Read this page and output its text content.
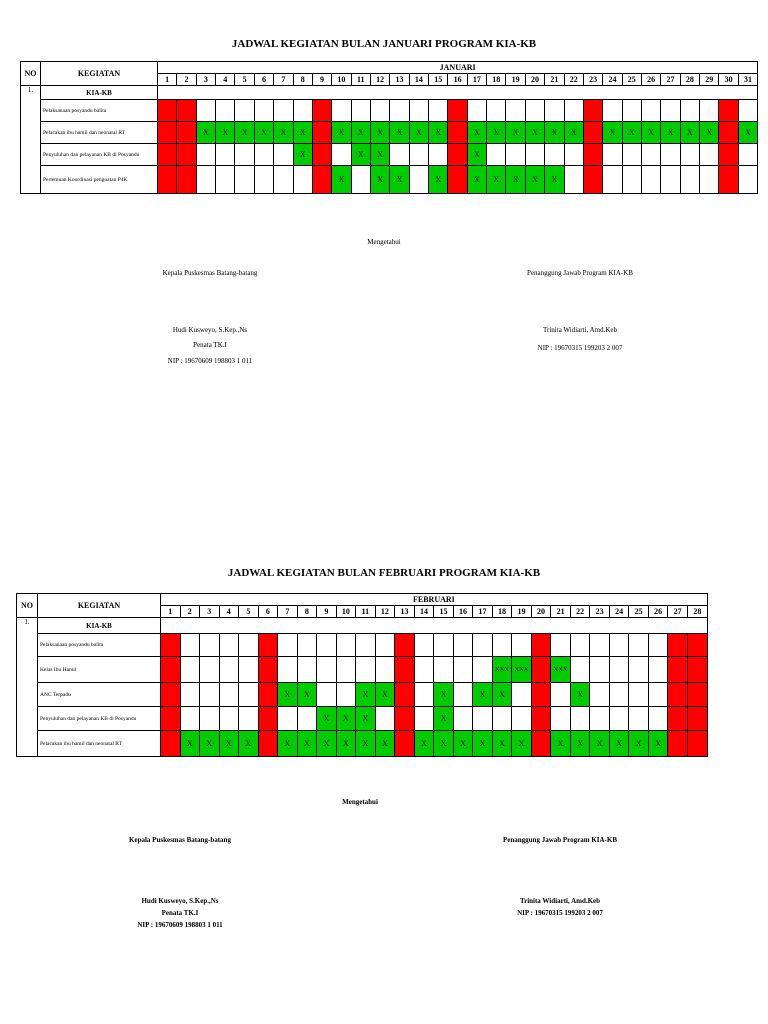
JADWAL KEGIATAN BULAN JANUARI PROGRAM KIA-KB
NO	KEGIATAN	JANUARI																														
		1	2	3	4	5	6	7	8	9	10	11	12	13	14	15	16	17	18	19	20	21	22	23	24	25	26	27	28	29	30	31
1.	KIA-KB																															
	Pelaksanaan posyandu balita																															
	Pelacakan ibu hamil dan neonatal RT			X	X	X	X	X	X		X	X	X	X	X	X		X	X	X	X	X	X		X	X	X	X	X	X		X
	Penyuluhan dan pelayanan KB di Posyandu								X			X	X					X														
	Pertemuan Koordinasi penguatan P4K										X		X	X		X		X	X	X	X	X										
Mengetahui
Kepala Puskesmas Batang-batang	Penanggung Jawab Program KIA-KB
Hudi Kusweyo, S.Kep.,Ns
Penata TK.I
NIP : 19670609 198803 1 011
Trinita Widiarti, Amd.Keb
NIP : 19670315 199203 2 007
JADWAL KEGIATAN BULAN FEBRUARI PROGRAM KIA-KB
NO	KEGIATAN	FEBRUARI																											
		1	2	3	4	5	6	7	8	9	10	11	12	13	14	15	16	17	18	19	20	21	22	23	24	25	26	27	28
1.	KIA-KB																												
	Pelaksanaan posyandu balita																												
	Kelas Ibu Hamil																		XXX	XXX		XXX							
	ANC Terpadu							X	X			X	X			X		X	X				X						
	Penyuluhan dan pelayanan KB di Posyandu									X	X	X				X													
	Pelacakan ibu hamil dan neonatal RT		X	X	X	X		X	X	X	X	X	X		X	X	X	X	X	X		X	X	X	X	X	X		
Mengetahui
Kepala Puskesmas Batang-batang	Penanggung Jawab Program KIA-KB
Hudi Kusweyo, S.Kep.,Ns
Penata TK.I
NIP : 19670609 198803 1 011
Trinita Widiarti, Amd.Keb
NIP : 19670315 199203 2 007
